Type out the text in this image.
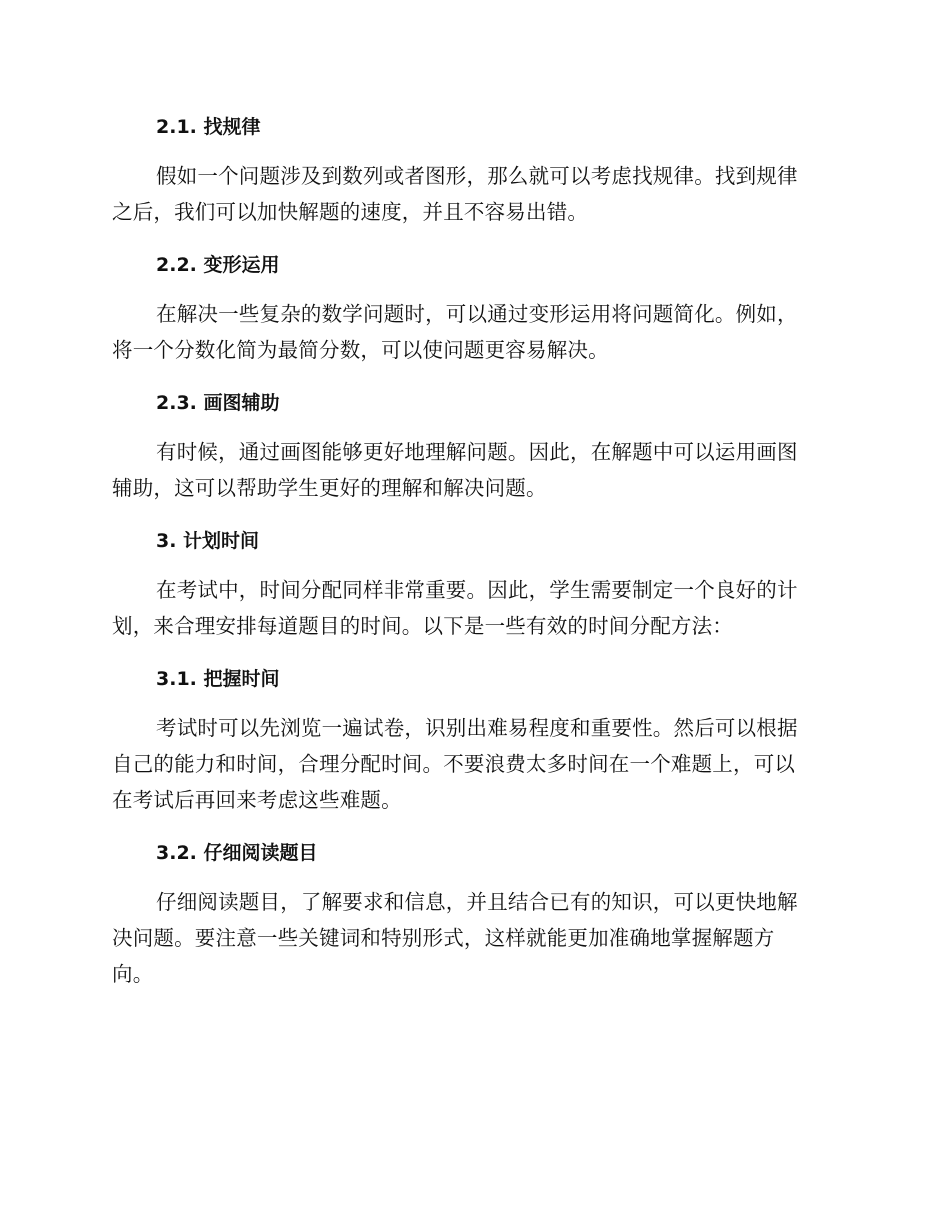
2.1. 找规律

假如一个问题涉及到数列或者图形，那么就可以考虑找规律。找到规律
之后，我们可以加快解题的速度，并且不容易出错。

2.2. 变形运用

在解决一些复杂的数学问题时，可以通过变形运用将问题简化。例如，
将一个分数化简为最简分数，可以使问题更容易解决。

2.3. 画图辅助

有时候，通过画图能够更好地理解问题。因此，在解题中可以运用画图
辅助，这可以帮助学生更好的理解和解决问题。

3. 计划时间

在考试中，时间分配同样非常重要。因此，学生需要制定一个良好的计
划，来合理安排每道题目的时间。以下是一些有效的时间分配方法：

3.1. 把握时间

考试时可以先浏览一遍试卷，识别出难易程度和重要性。然后可以根据
自己的能力和时间，合理分配时间。不要浪费太多时间在一个难题上，可以
在考试后再回来考虑这些难题。

3.2. 仔细阅读题目

仔细阅读题目，了解要求和信息，并且结合已有的知识，可以更快地解
决问题。要注意一些关键词和特别形式，这样就能更加准确地掌握解题方
向。
